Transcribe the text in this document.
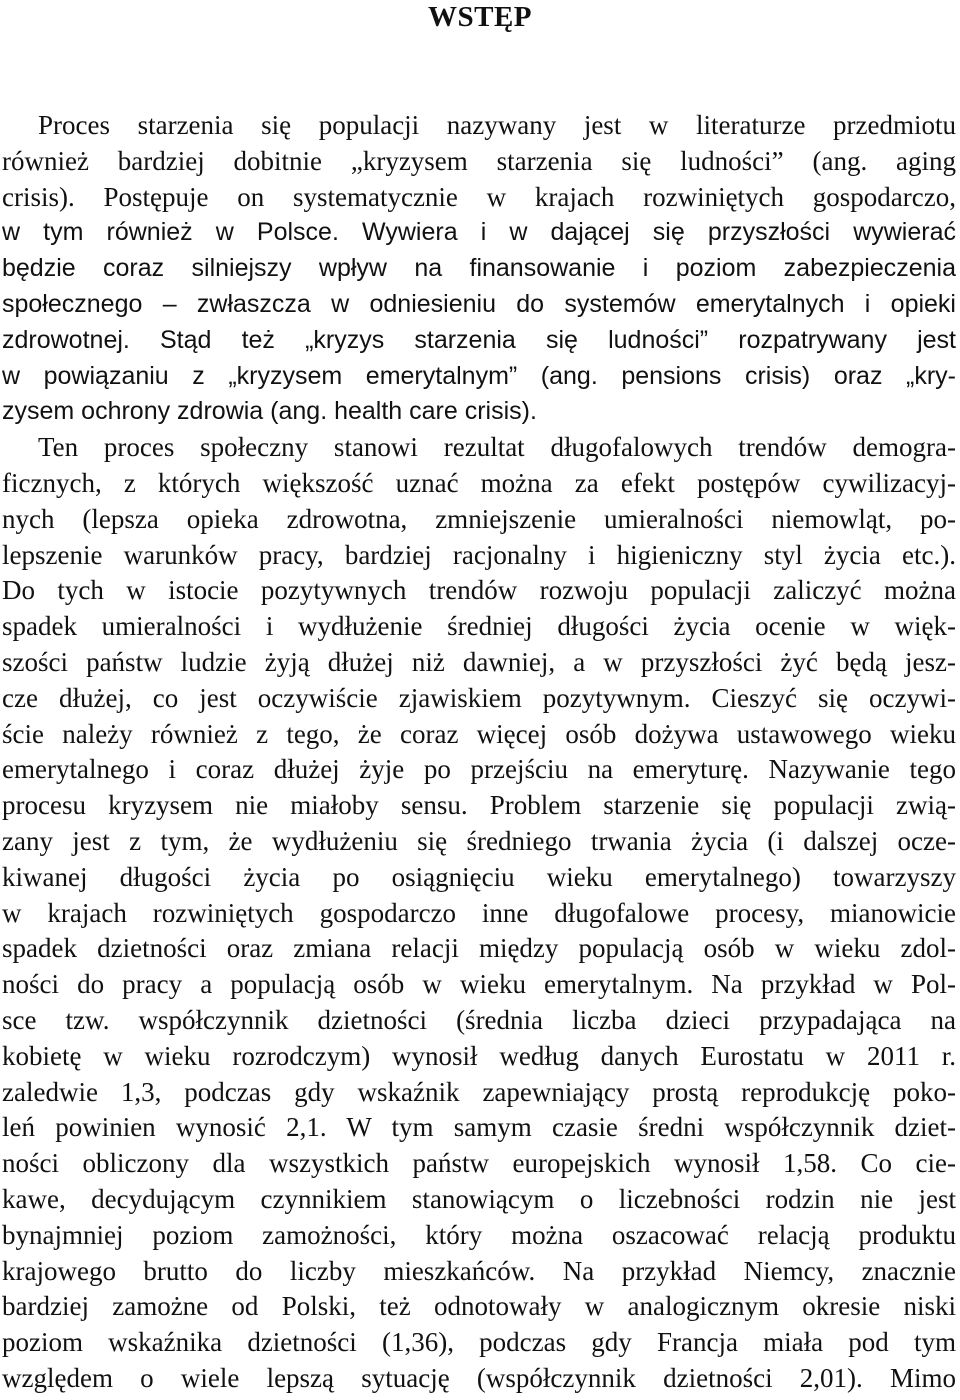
WSTĘP
Proces starzenia się populacji nazywany jest w literaturze przedmiotu
również bardziej dobitnie „kryzysem starzenia się ludności” (ang. aging
crisis). Postępuje on systematycznie w krajach rozwiniętych gospodarczo,
w tym również w Polsce. Wywiera i w dającej się przyszłości wywierać
będzie coraz silniejszy wpływ na finansowanie i poziom zabezpieczenia
społecznego – zwłaszcza w odniesieniu do systemów emerytalnych i opieki
zdrowotnej. Stąd też „kryzys starzenia się ludności” rozpatrywany jest
w powiązaniu z „kryzysem emerytalnym” (ang. pensions crisis) oraz „kry-
zysem ochrony zdrowia (ang. health care crisis).
Ten proces społeczny stanowi rezultat długofalowych trendów demogra-
ficznych, z których większość uznać można za efekt postępów cywilizacyj-
nych (lepsza opieka zdrowotna, zmniejszenie umieralności niemowląt, po-
lepszenie warunków pracy, bardziej racjonalny i higieniczny styl życia etc.).
Do tych w istocie pozytywnych trendów rozwoju populacji zaliczyć można
spadek umieralności i wydłużenie średniej długości życia ocenie w więk-
szości państw ludzie żyją dłużej niż dawniej, a w przyszłości żyć będą jesz-
cze dłużej, co jest oczywiście zjawiskiem pozytywnym. Cieszyć się oczywi-
ście należy również z tego, że coraz więcej osób dożywa ustawowego wieku
emerytalnego i coraz dłużej żyje po przejściu na emeryturę. Nazywanie tego
procesu kryzysem nie miałoby sensu. Problem starzenie się populacji zwią-
zany jest z tym, że wydłużeniu się średniego trwania życia (i dalszej ocze-
kiwanej długości życia po osiągnięciu wieku emerytalnego) towarzyszy
w krajach rozwiniętych gospodarczo inne długofalowe procesy, mianowicie
spadek dzietności oraz zmiana relacji między populacją osób w wieku zdol-
ności do pracy a populacją osób w wieku emerytalnym. Na przykład w Pol-
sce tzw. współczynnik dzietności (średnia liczba dzieci przypadająca na
kobietę w wieku rozrodczym) wynosił według danych Eurostatu w 2011 r.
zaledwie 1,3, podczas gdy wskaźnik zapewniający prostą reprodukcję poko-
leń powinien wynosić 2,1. W tym samym czasie średni współczynnik dziet-
ności obliczony dla wszystkich państw europejskich wynosił 1,58. Co cie-
kawe, decydującym czynnikiem stanowiącym o liczebności rodzin nie jest
bynajmniej poziom zamożności, który można oszacować relacją produktu
krajowego brutto do liczby mieszkańców. Na przykład Niemcy, znacznie
bardziej zamożne od Polski, też odnotowały w analogicznym okresie niski
poziom wskaźnika dzietności (1,36), podczas gdy Francja miała pod tym
względem o wiele lepszą sytuację (współczynnik dzietności 2,01). Mimo
